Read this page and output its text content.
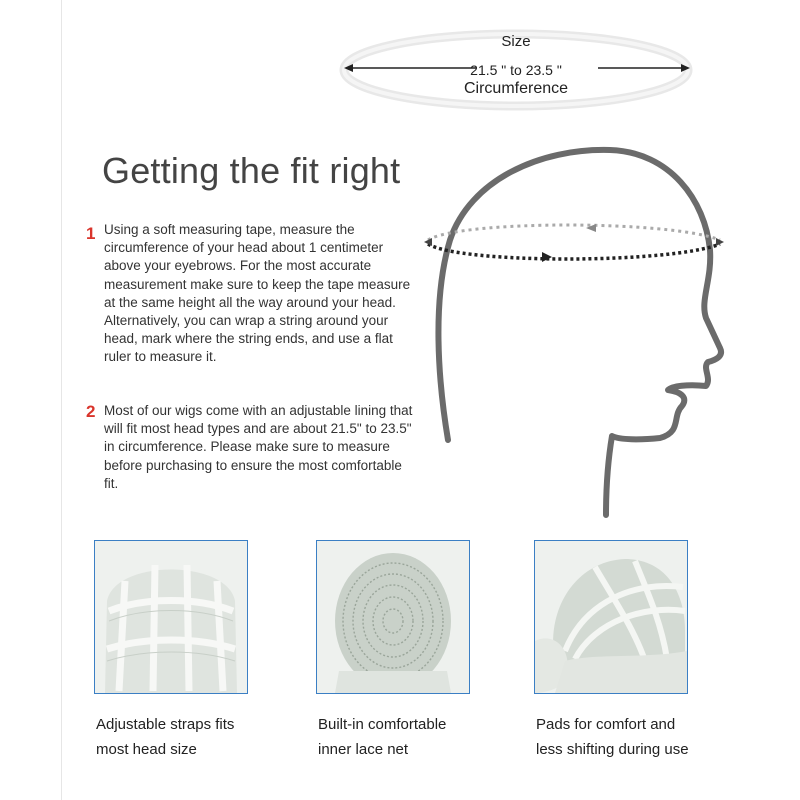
Size
21.5 " to 23.5 "
Circumference
Getting the fit right
1 Using a soft measuring tape, measure the circumference of your head about 1 centimeter above your eyebrows. For the most accurate measurement make sure to keep the tape measure at the same height all the way around your head. Alternatively, you can wrap a string around your head, mark where the string ends, and use a flat ruler to measure it.
2 Most of our wigs come with an adjustable lining that will fit most head types and are about 21.5" to 23.5" in circumference. Please make sure to measure before purchasing to ensure the most comfortable fit.
Adjustable straps fits
most head size
Built-in comfortable
inner lace net
Pads for comfort and
less shifting during use
